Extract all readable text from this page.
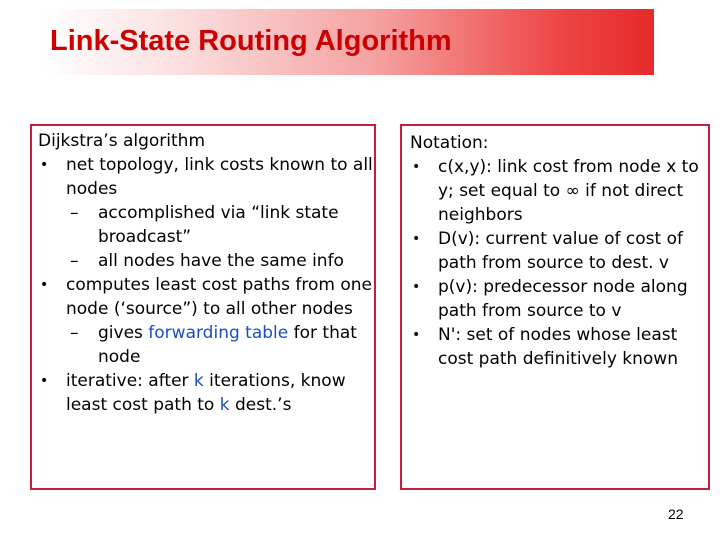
Link-State Routing Algorithm
Dijkstra’s algorithm
• net topology, link costs known to all nodes
– accomplished via “link state broadcast”
– all nodes have the same info
• computes least cost paths from one node (‘source”) to all other nodes
– gives forwarding table for that node
• iterative: after k iterations, know least cost path to k dest.’s
Notation:
• c(x,y): link cost from node x to y; set equal to ∞ if not direct neighbors
• D(v): current value of cost of path from source to dest. v
• p(v): predecessor node along path from source to v
• N': set of nodes whose least cost path definitively known
22
